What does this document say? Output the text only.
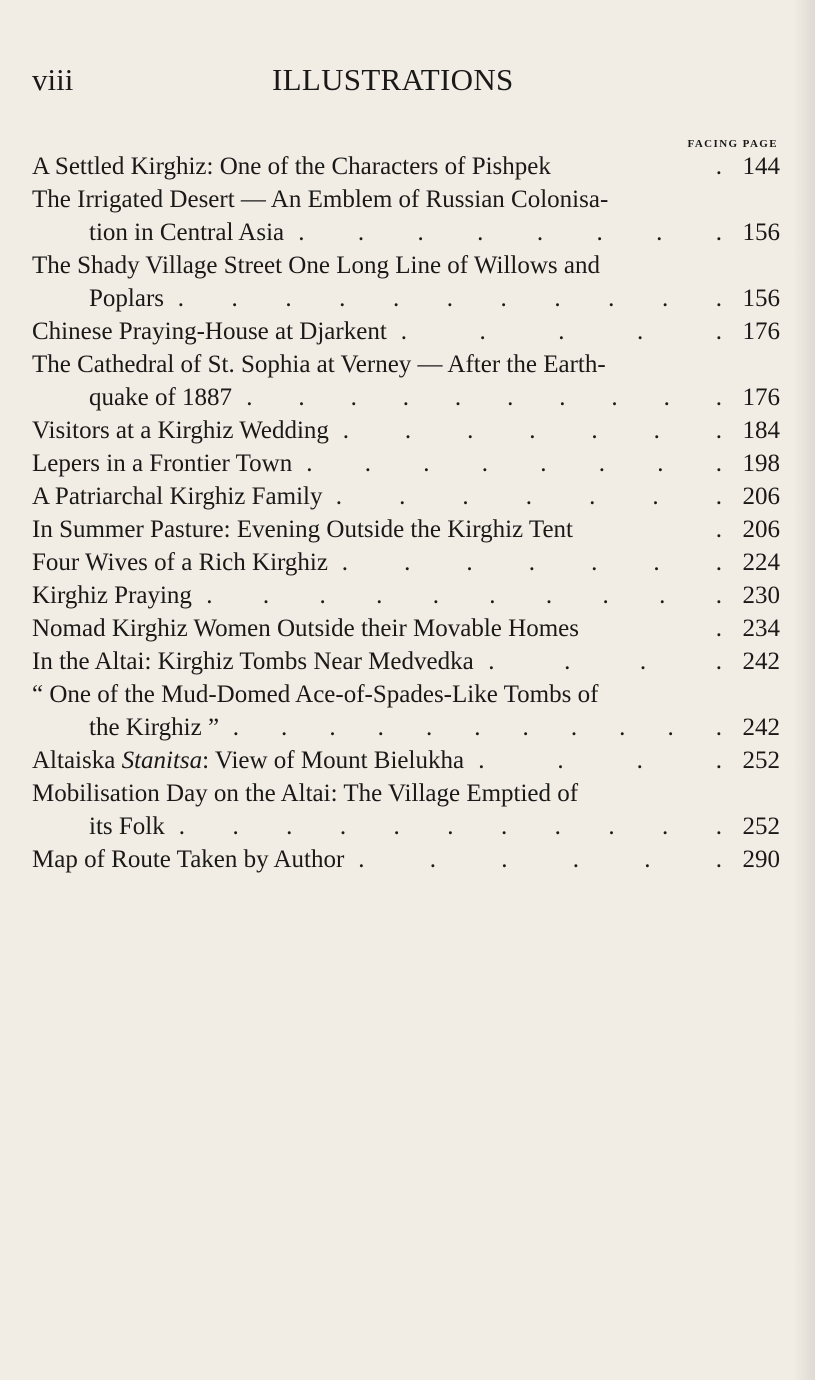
viii	ILLUSTRATIONS
FACING PAGE
A Settled Kirghiz: One of the Characters of Pishpek	. 144
The Irrigated Desert — An Emblem of Russian Colonisa-
tion in Central Asia . . . . . . . . 156
The Shady Village Street One Long Line of Willows and
Poplars . . . . . . . . . . . 156
Chinese Praying-House at Djarkent . . . . . 176
The Cathedral of St. Sophia at Verney — After the Earth-
quake of 1887 . . . . . . . . . . 176
Visitors at a Kirghiz Wedding . . . . . . . 184
Lepers in a Frontier Town . . . . . . . . 198
A Patriarchal Kirghiz Family . . . . . . . 206
In Summer Pasture: Evening Outside the Kirghiz Tent	. 206
Four Wives of a Rich Kirghiz . . . . . . . 224
Kirghiz Praying . . . . . . . . . . 230
Nomad Kirghiz Women Outside their Movable Homes	. 234
In the Altai: Kirghiz Tombs Near Medvedka . . . . 242
“ One of the Mud-Domed Ace-of-Spades-Like Tombs of
the Kirghiz ” . . . . . . . . . . . 242
Altaiska Stanitsa: View of Mount Bielukha . . . . 252
Mobilisation Day on the Altai: The Village Emptied of
its Folk . . . . . . . . . . . 252
Map of Route Taken by Author . . . . . . 290
